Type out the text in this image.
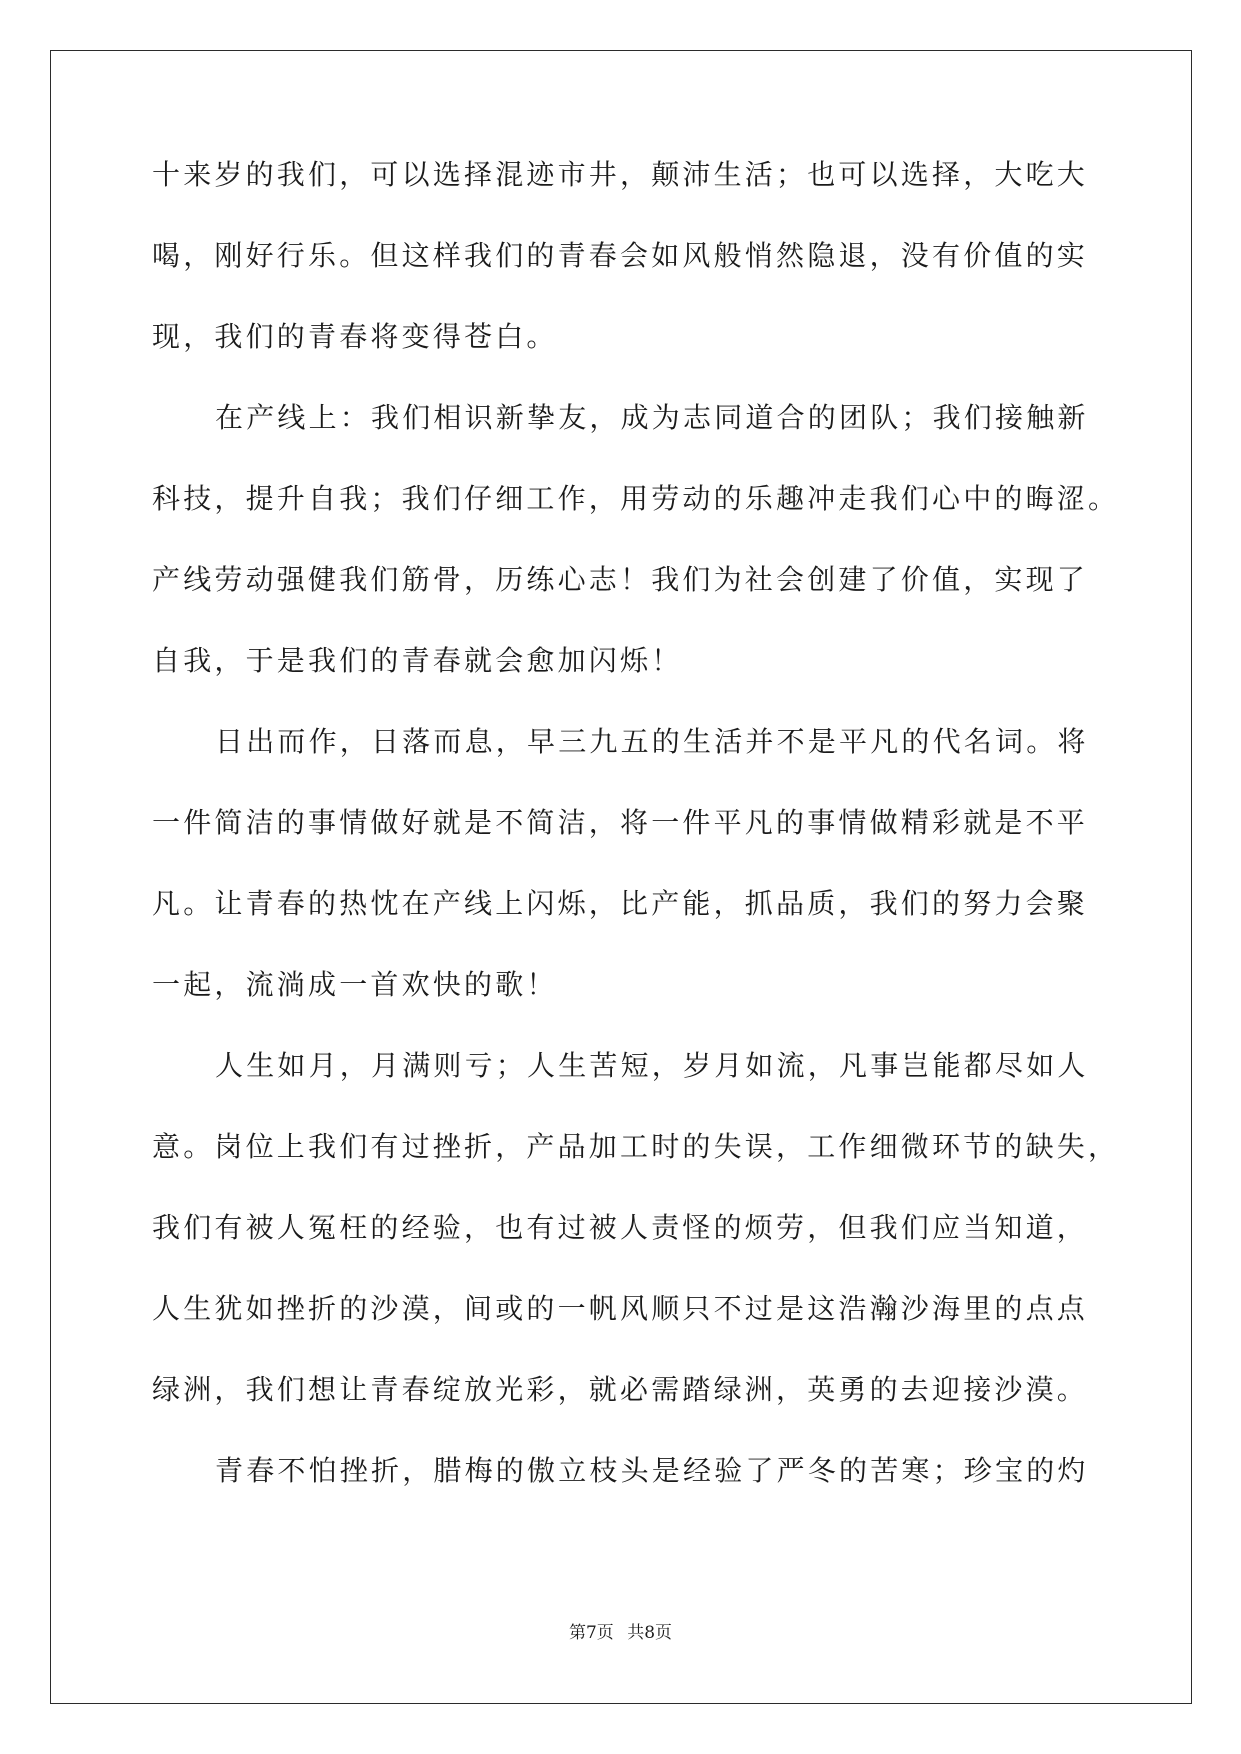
十来岁的我们，可以选择混迹市井，颠沛生活；也可以选择，大吃大
喝，刚好行乐。但这样我们的青春会如风般悄然隐退，没有价值的实
现，我们的青春将变得苍白。
在产线上：我们相识新挚友，成为志同道合的团队；我们接触新
科技，提升自我；我们仔细工作，用劳动的乐趣冲走我们心中的晦涩。
产线劳动强健我们筋骨，历练心志！我们为社会创建了价值，实现了
自我，于是我们的青春就会愈加闪烁！
日出而作，日落而息，早三九五的生活并不是平凡的代名词。将
一件简洁的事情做好就是不简洁，将一件平凡的事情做精彩就是不平
凡。让青春的热忱在产线上闪烁，比产能，抓品质，我们的努力会聚
一起，流淌成一首欢快的歌！
人生如月，月满则亏；人生苦短，岁月如流，凡事岂能都尽如人
意。岗位上我们有过挫折，产品加工时的失误，工作细微环节的缺失，
我们有被人冤枉的经验，也有过被人责怪的烦劳，但我们应当知道，
人生犹如挫折的沙漠，间或的一帆风顺只不过是这浩瀚沙海里的点点
绿洲，我们想让青春绽放光彩，就必需踏绿洲，英勇的去迎接沙漠。
青春不怕挫折，腊梅的傲立枝头是经验了严冬的苦寒；珍宝的灼
第7页 共8页
